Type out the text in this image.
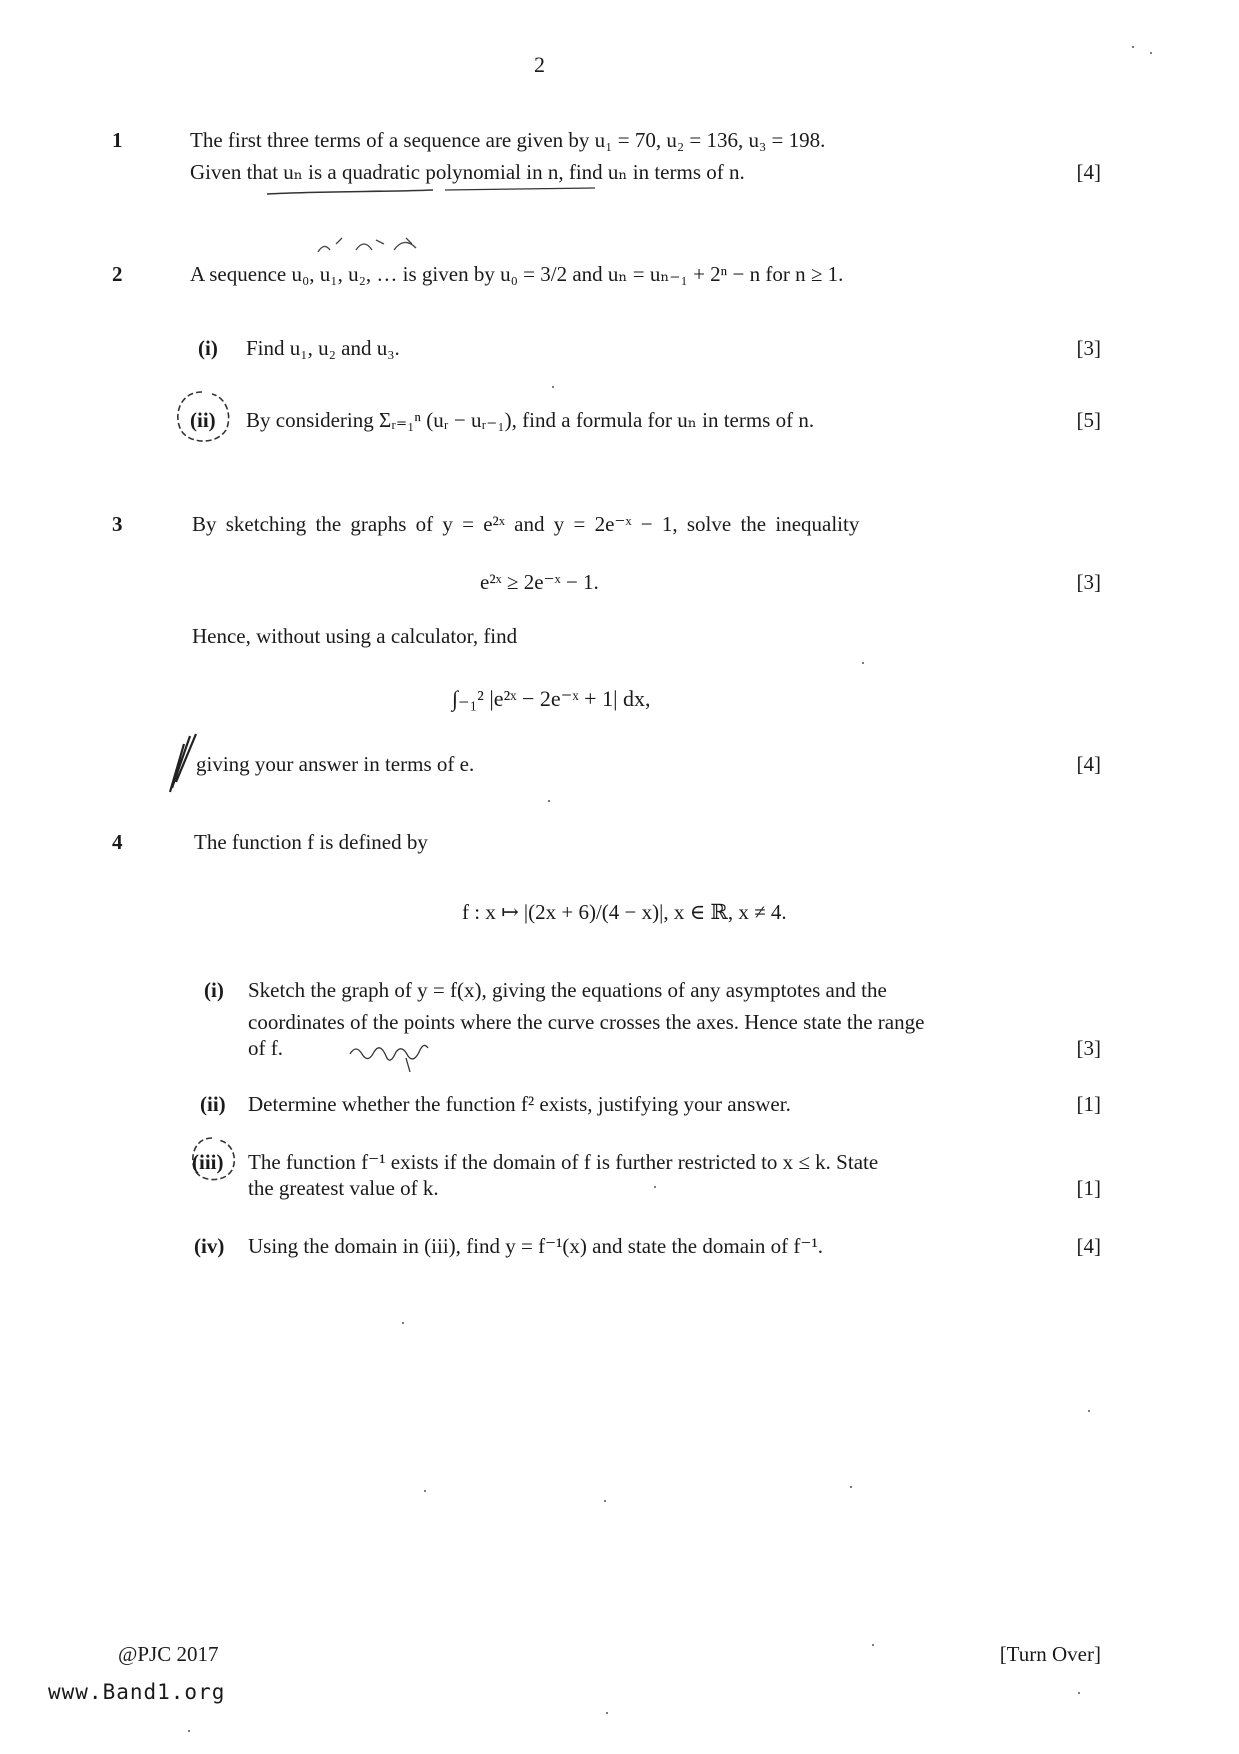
2
1	The first three terms of a sequence are given by u₁ = 70, u₂ = 136, u₃ = 198.
Given that uₙ is a quadratic polynomial in n, find uₙ in terms of n.	[4]
2	A sequence u₀, u₁, u₂, … is given by u₀ = 3/2 and uₙ = uₙ₋₁ + 2ⁿ − n for n ≥ 1.
(i) Find u₁, u₂ and u₃.	[3]
(ii) By considering Σᵣ₌₁ⁿ (uᵣ − uᵣ₋₁), find a formula for uₙ in terms of n.	[5]
3	By sketching the graphs of y = e²ˣ and y = 2e⁻ˣ − 1, solve the inequality
e²ˣ ≥ 2e⁻ˣ − 1.	[3]
Hence, without using a calculator, find
∫₋₁² |e²ˣ − 2e⁻ˣ + 1| dx,
giving your answer in terms of e.	[4]
4	The function f is defined by
f : x ↦ |(2x + 6)/(4 − x)|, x ∈ ℝ, x ≠ 4.
(i) Sketch the graph of y = f(x), giving the equations of any asymptotes and the
coordinates of the points where the curve crosses the axes. Hence state the range
of f.	[3]
(ii) Determine whether the function f² exists, justifying your answer.	[1]
(iii) The function f⁻¹ exists if the domain of f is further restricted to x ≤ k. State
the greatest value of k.	[1]
(iv) Using the domain in (iii), find y = f⁻¹(x) and state the domain of f⁻¹.	[4]
@PJC 2017	[Turn Over]
www.Band1.org
